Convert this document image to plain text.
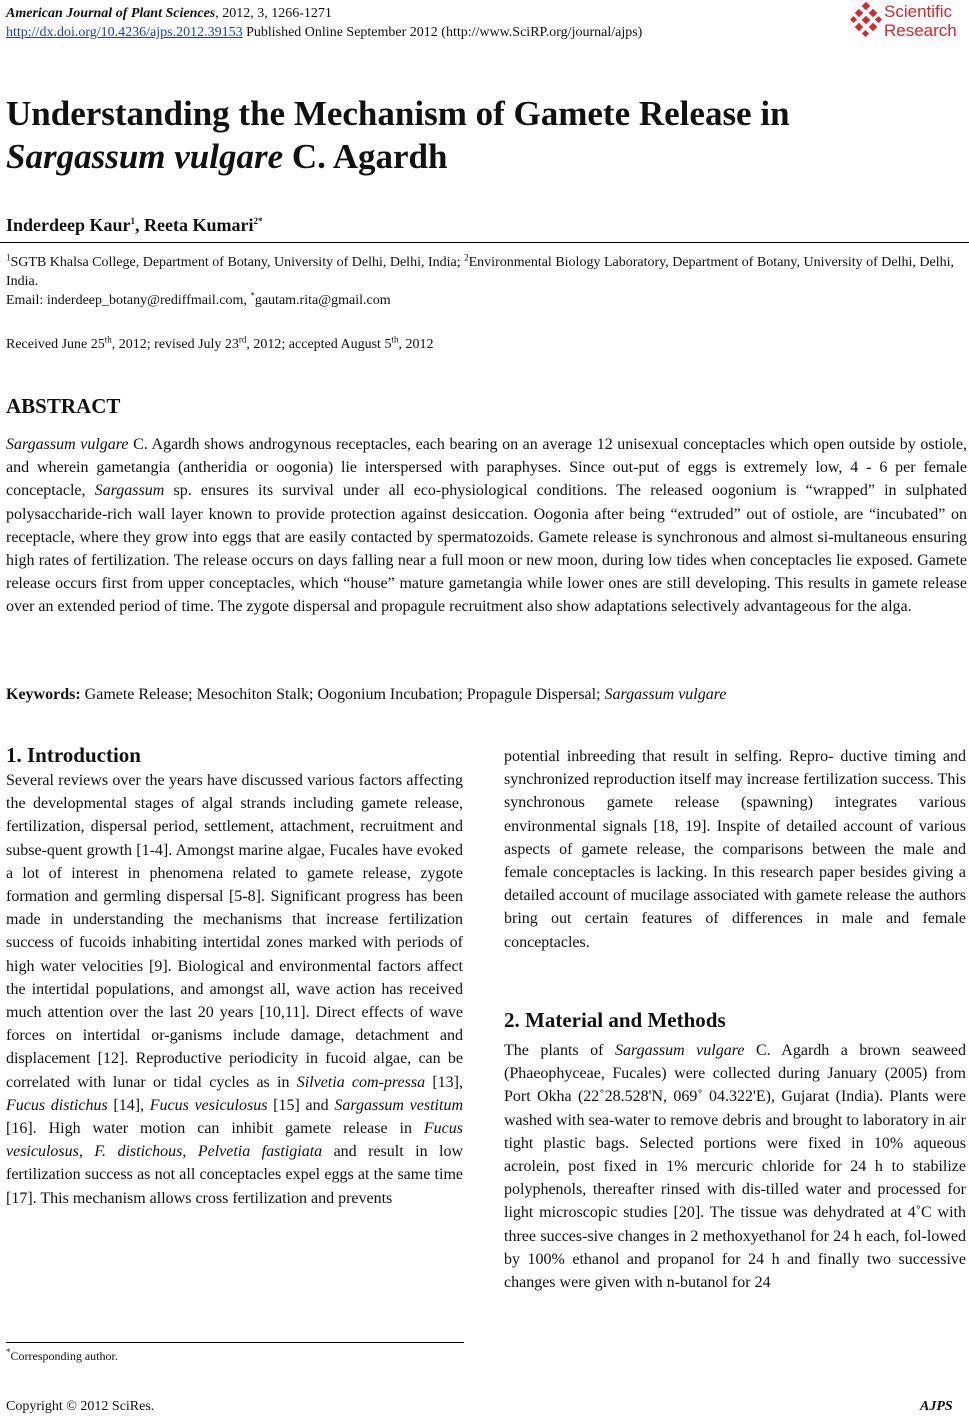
American Journal of Plant Sciences, 2012, 3, 1266-1271
http://dx.doi.org/10.4236/ajps.2012.39153 Published Online September 2012 (http://www.SciRP.org/journal/ajps)
Scientific
Research
Understanding the Mechanism of Gamete Release in
Sargassum vulgare C. Agardh
Inderdeep Kaur$^1$, Reeta Kumari$^{2*}$
$^1$SGTB Khalsa College, Department of Botany, University of Delhi, Delhi, India; $^2$Environmental Biology Laboratory, Department of Botany, University of Delhi, Delhi, India.
Email: inderdeep_botany@rediffmail.com, *gautam.rita@gmail.com
Received June 25th, 2012; revised July 23rd, 2012; accepted August 5th, 2012
ABSTRACT

Sargassum vulgare C. Agardh shows androgynous receptacles, each bearing on an average 12 unisexual conceptacles which open outside by ostiole, and wherein gametangia (antheridia or oogonia) lie interspersed with paraphyses. Since out-put of eggs is extremely low, 4 - 6 per female conceptacle, Sargassum sp. ensures its survival under all eco-physiological conditions. The released oogonium is “wrapped” in sulphated polysaccharide-rich wall layer known to provide protection against desiccation. Oogonia after being “extruded” out of ostiole, are “incubated” on receptacle, where they grow into eggs that are easily contacted by spermatozoids. Gamete release is synchronous and almost si-multaneous ensuring high rates of fertilization. The release occurs on days falling near a full moon or new moon, during low tides when conceptacles lie exposed. Gamete release occurs first from upper conceptacles, which “house” mature gametangia while lower ones are still developing. This results in gamete release over an extended period of time. The zygote dispersal and propagule recruitment also show adaptations selectively advantageous for the alga.

Keywords: Gamete Release; Mesochiton Stalk; Oogonium Incubation; Propagule Dispersal; Sargassum vulgare
1. Introduction

Several reviews over the years have discussed various factors affecting the developmental stages of algal strands including gamete release, fertilization, dispersal period, settlement, attachment, recruitment and subse-quent growth [1-4]. Amongst marine algae, Fucales have evoked a lot of interest in phenomena related to gamete release, zygote formation and germling dispersal [5-8]. Significant progress has been made in understanding the mechanisms that increase fertilization success of fucoids inhabiting intertidal zones marked with periods of high water velocities [9]. Biological and environmental factors affect the intertidal populations, and amongst all, wave action has received much attention over the last 20 years [10,11]. Direct effects of wave forces on intertidal or-ganisms include damage, detachment and displacement [12]. Reproductive periodicity in fucoid algae, can be correlated with lunar or tidal cycles as in Silvetia com-pressa [13], Fucus distichus [14], Fucus vesiculosus [15] and Sargassum vestitum [16]. High water motion can inhibit gamete release in Fucus vesiculosus, F. distichous, Pelvetia fastigiata and result in low fertilization success as not all conceptacles expel eggs at the same time [17]. This mechanism allows cross fertilization and prevents

potential inbreeding that result in selfing. Repro- ductive timing and synchronized reproduction itself may increase fertilization success. This synchronous gamete release (spawning) integrates various environmental signals [18, 19]. Inspite of detailed account of various aspects of gamete release, the comparisons between the male and female conceptacles is lacking. In this research paper besides giving a detailed account of mucilage associated with gamete release the authors bring out certain features of differences in male and female conceptacles.

2. Material and Methods

The plants of Sargassum vulgare C. Agardh a brown seaweed (Phaeophyceae, Fucales) were collected during January (2005) from Port Okha (22˚28.528'N, 069˚ 04.322'E), Gujarat (India). Plants were washed with sea-water to remove debris and brought to laboratory in air tight plastic bags. Selected portions were fixed in 10% aqueous acrolein, post fixed in 1% mercuric chloride for 24 h to stabilize polyphenols, thereafter rinsed with dis-tilled water and processed for light microscopic studies [20]. The tissue was dehydrated at 4˚C with three succes-sive changes in 2 methoxyethanol for 24 h each, fol-lowed by 100% ethanol and propanol for 24 h and finally two successive changes were given with n-butanol for 24

*Corresponding author.
Copyright © 2012 SciRes.	AJPS
